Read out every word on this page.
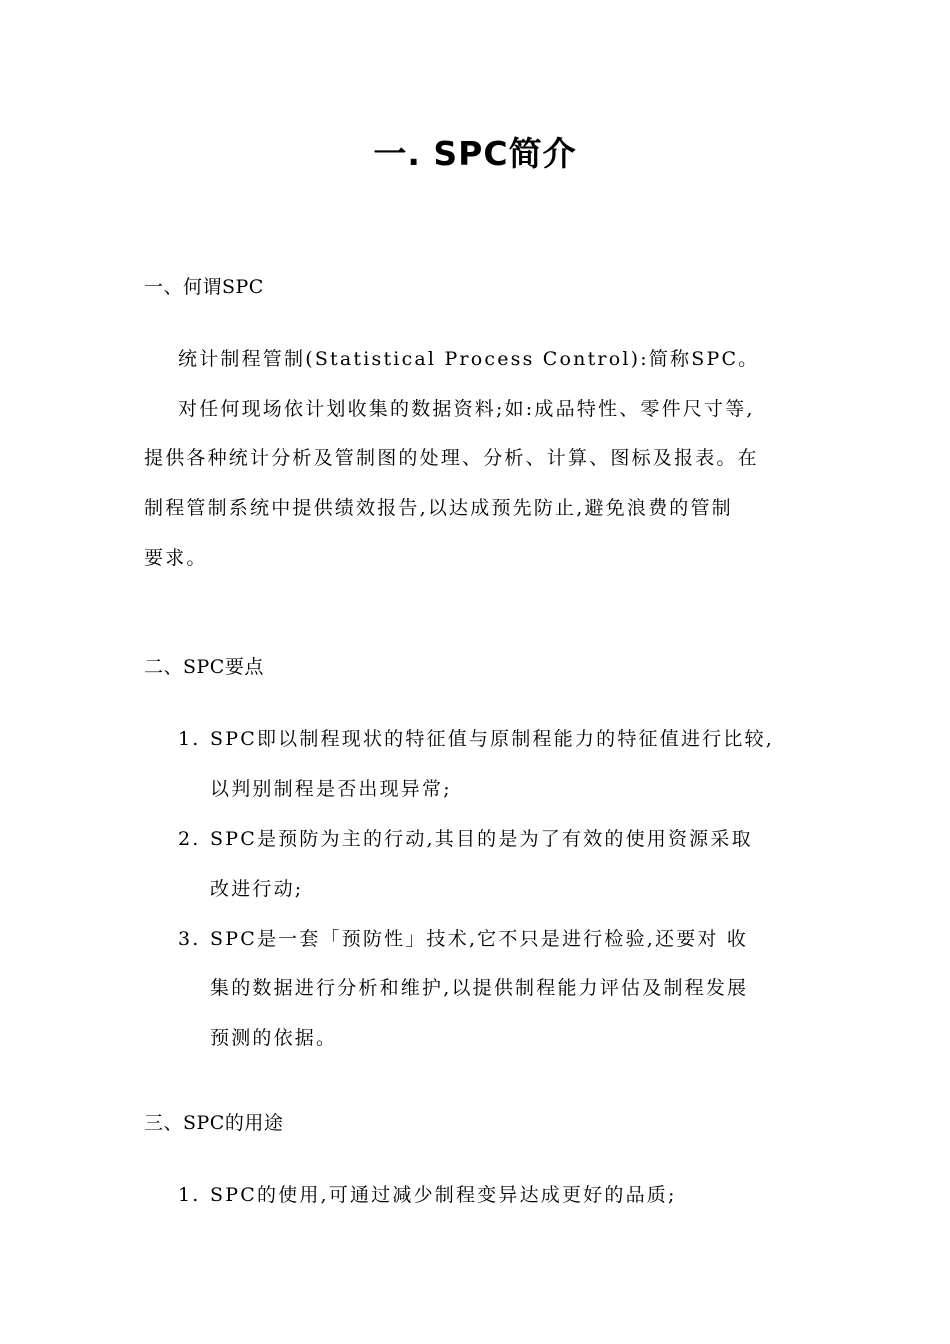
一. SPC简介
一、何谓SPC
统计制程管制(Statistical Process Control):简称SPC。
对任何现场依计划收集的数据资料;如:成品特性、零件尺寸等,
提供各种统计分析及管制图的处理、分析、计算、图标及报表。在
制程管制系统中提供绩效报告,以达成预先防止,避免浪费的管制
要求。
二、SPC要点
1. SPC即以制程现状的特征值与原制程能力的特征值进行比较,
以判别制程是否出现异常;
2. SPC是预防为主的行动,其目的是为了有效的使用资源采取
改进行动;
3. SPC是一套「预防性」技术,它不只是进行检验,还要对 收
集的数据进行分析和维护,以提供制程能力评估及制程发展
预测的依据。
三、SPC的用途
1. SPC的使用,可通过减少制程变异达成更好的品质;
